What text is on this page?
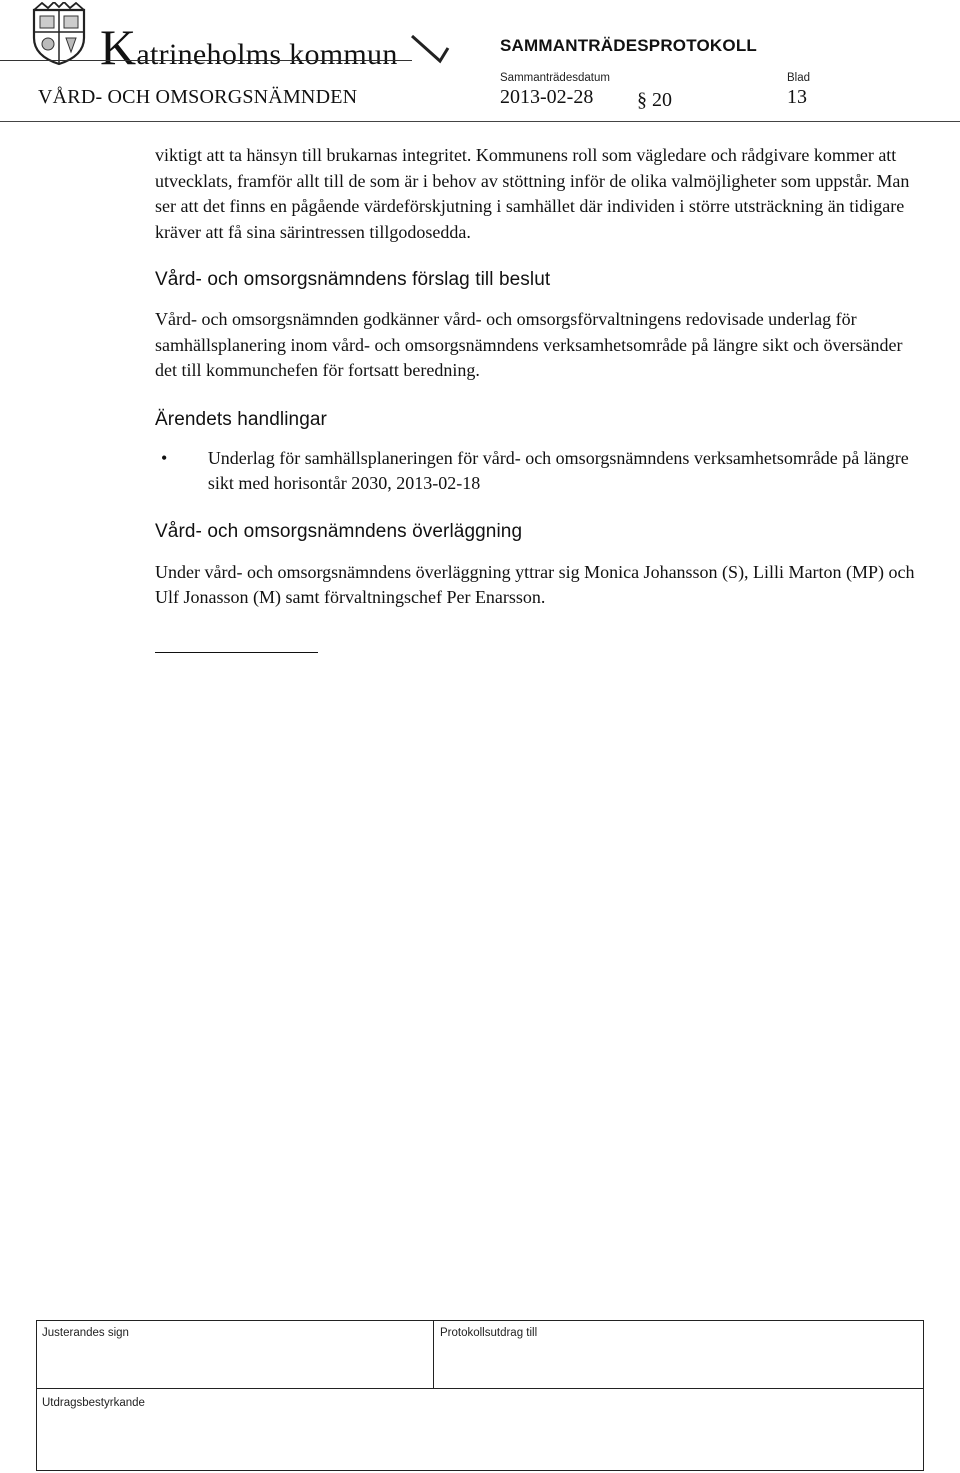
Katrineholms kommun	SAMMANTRÄDESPROTOKOLL
Sammanträdesdatum	Blad
VÅRD- OCH OMSORGSNÄMNDEN	2013-02-28 § 20	13

viktigt att ta hänsyn till brukarnas integritet. Kommunens roll som vägledare och rådgivare kommer att utvecklats, framför allt till de som är i behov av stöttning inför de olika valmöjligheter som uppstår. Man ser att det finns en pågående värdeförskjutning i samhället där individen i större utsträckning än tidigare kräver att få sina särintressen tillgodosedda.

Vård- och omsorgsnämndens förslag till beslut

Vård- och omsorgsnämnden godkänner vård- och omsorgsförvaltningens redovisade underlag för samhällsplanering inom vård- och omsorgsnämndens verksamhetsområde på längre sikt och översänder det till kommunchefen för fortsatt beredning.

Ärendets handlingar
•	Underlag för samhällsplaneringen för vård- och omsorgsnämndens verksamhetsområde på längre sikt med horisontår 2030, 2013-02-18
Vård- och omsorgsnämndens överläggning

Under vård- och omsorgsnämndens överläggning yttrar sig Monica Johansson (S), Lilli Marton (MP) och Ulf Jonasson (M) samt förvaltningschef Per Enarsson.

Justerandes sign	Protokollsutdrag till
Utdragsbestyrkande
